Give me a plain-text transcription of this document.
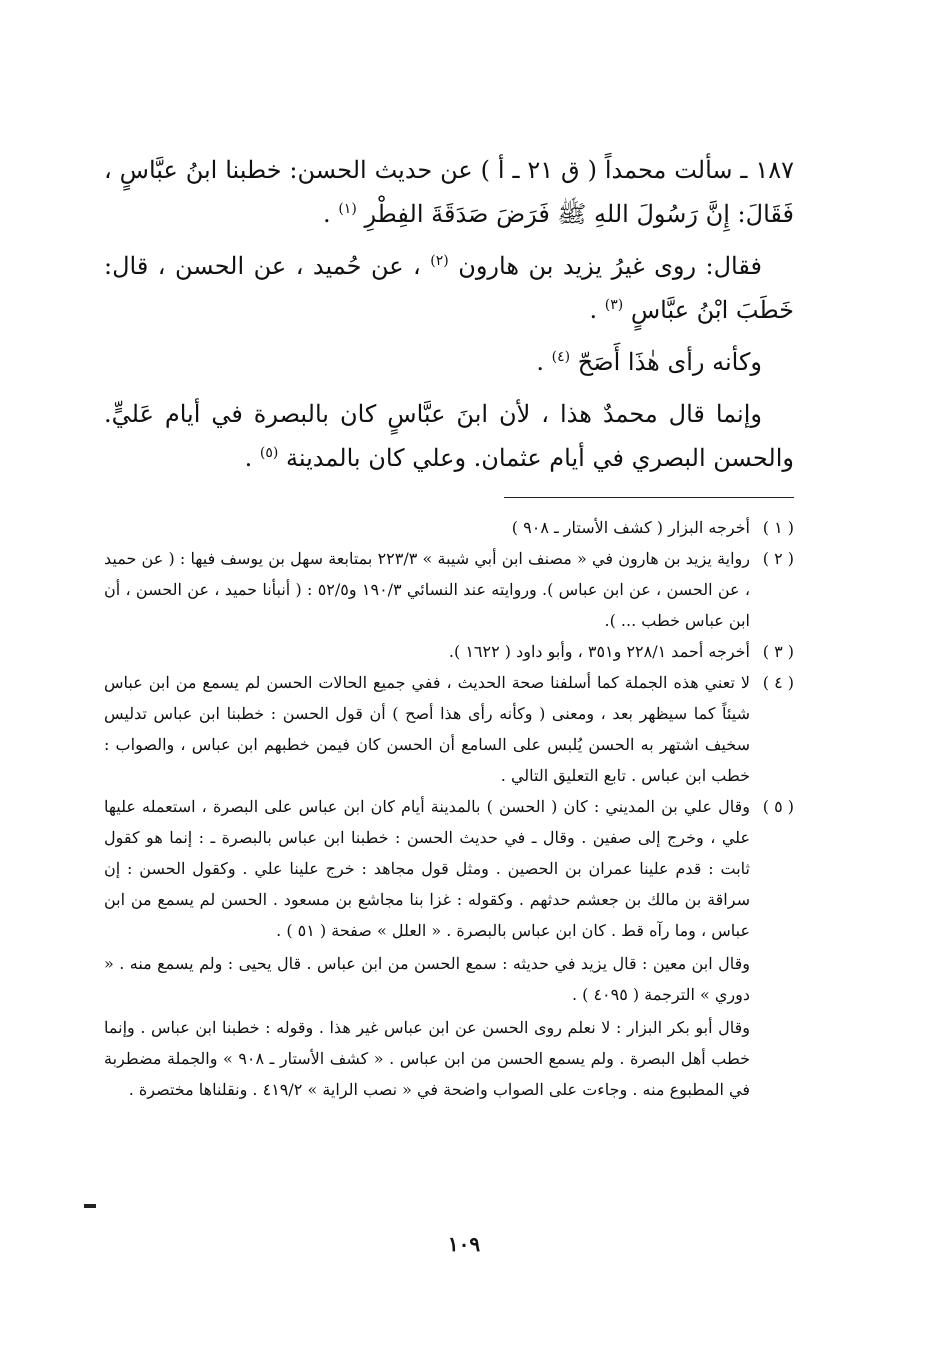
١٨٧ ـ سألت محمداً ( ق ٢١ ـ أ ) عن حديث الحسن: خطبنا ابنُ عبَّاسٍ ، فَقَالَ: إِنَّ رَسُولَ اللهِ ﷺ فَرَضَ صَدَقَةَ الفِطْرِ $^{(١)}$ .

فقال: روى غيرُ يزيد بن هارون $^{(٢)}$ ، عن حُميد ، عن الحسن ، قال: خَطَبَ ابْنُ عبَّاسٍ $^{(٣)}$ .

وكأنه رأى هٰذَا أَصَحّ $^{(٤)}$ .

وإنما قال محمدٌ هذا ، لأن ابنَ عبَّاسٍ كان بالبصرة في أيام عَليٍّ. والحسن البصري في أيام عثمان. وعلي كان بالمدينة $^{(٥)}$ .

( ١ )

أخرجه البزار ( كشف الأستار ـ ٩٠٨ )

( ٢ )

رواية يزيد بن هارون في « مصنف ابن أبي شيبة » ٢٢٣/٣ بمتابعة سهل بن يوسف فيها : ( عن حميد ، عن الحسن ، عن ابن عباس ). وروايته عند النسائي ١٩٠/٣ و٥٢/٥ : ( أنبأنا حميد ، عن الحسن ، أن ابن عباس خطب ... ).

( ٣ )

أخرجه أحمد ٢٢٨/١ و٣٥١ ، وأبو داود ( ١٦٢٢ ).

( ٤ )

لا تعني هذه الجملة كما أسلفنا صحة الحديث ، ففي جميع الحالات الحسن لم يسمع من ابن عباس شيئاً كما سيظهر بعد ، ومعنى ( وكأنه رأى هذا أصح ) أن قول الحسن : خطبنا ابن عباس تدليس سخيف اشتهر به الحسن يُلبس على السامع أن الحسن كان فيمن خطبهم ابن عباس ، والصواب : خطب ابن عباس . تابع التعليق التالي .

( ٥ )

وقال علي بن المديني : كان ( الحسن ) بالمدينة أيام كان ابن عباس على البصرة ، استعمله عليها علي ، وخرج إلى صفين . وقال ـ في حديث الحسن : خطبنا ابن عباس بالبصرة ـ : إنما هو كقول ثابت : قدم علينا عمران بن الحصين . ومثل قول مجاهد : خرج علينا علي . وكقول الحسن : إن سراقة بن مالك بن جعشم حدثهم . وكقوله : غزا بنا مجاشع بن مسعود . الحسن لم يسمع من ابن عباس ، وما رآه قط . كان ابن عباس بالبصرة . « العلل » صفحة ( ٥١ ) .

وقال ابن معين : قال يزيد في حديثه : سمع الحسن من ابن عباس . قال يحيى : ولم يسمع منه . « دوري » الترجمة ( ٤٠٩٥ ) .

وقال أبو بكر البزار : لا نعلم روى الحسن عن ابن عباس غير هذا . وقوله : خطبنا ابن عباس . وإنما خطب أهل البصرة . ولم يسمع الحسن من ابن عباس . « كشف الأستار ـ ٩٠٨ » والجملة مضطربة في المطبوع منه . وجاءت على الصواب واضحة في « نصب الراية » ٤١٩/٢ . ونقلناها مختصرة .

١٠٩
